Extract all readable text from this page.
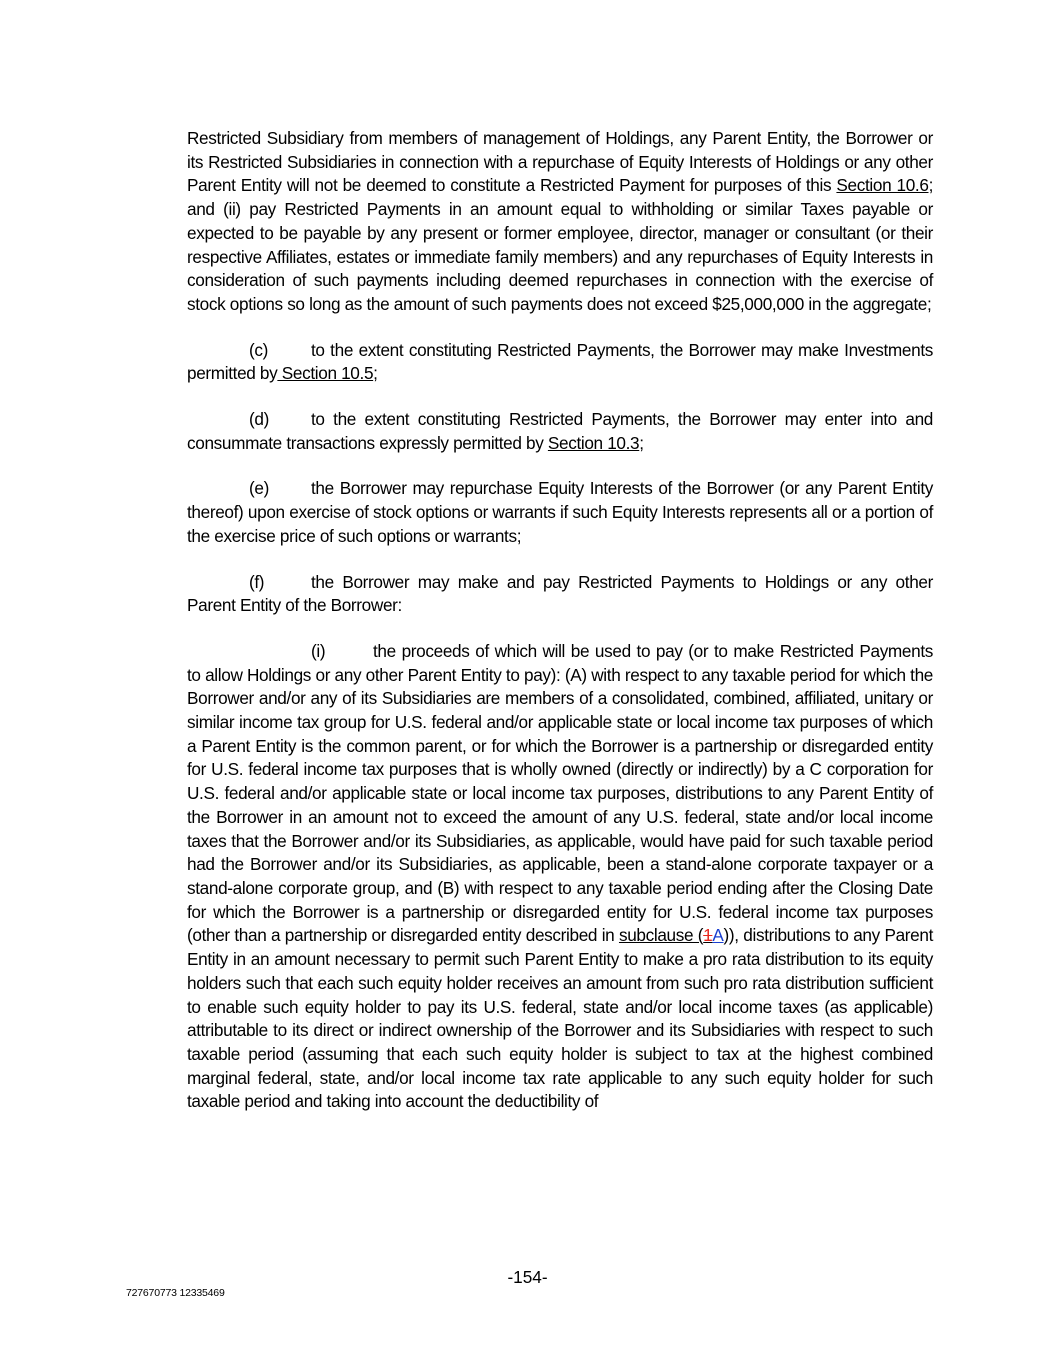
Restricted Subsidiary from members of management of Holdings, any Parent Entity, the Borrower or its Restricted Subsidiaries in connection with a repurchase of Equity Interests of Holdings or any other Parent Entity will not be deemed to constitute a Restricted Payment for purposes of this Section 10.6; and (ii) pay Restricted Payments in an amount equal to withholding or similar Taxes payable or expected to be payable by any present or former employee, director, manager or consultant (or their respective Affiliates, estates or immediate family members) and any repurchases of Equity Interests in consideration of such payments including deemed repurchases in connection with the exercise of stock options so long as the amount of such payments does not exceed $25,000,000 in the aggregate;

(c)	to the extent constituting Restricted Payments, the Borrower may make Investments permitted by Section 10.5;

(d) to the extent constituting Restricted Payments, the Borrower may enter into and consummate transactions expressly permitted by Section 10.3;

(e) the Borrower may repurchase Equity Interests of the Borrower (or any Parent Entity thereof) upon exercise of stock options or warrants if such Equity Interests represents all or a portion of the exercise price of such options or warrants;

(f)	the Borrower may make and pay Restricted Payments to Holdings or any other Parent Entity of the Borrower:

(i)	the proceeds of which will be used to pay (or to make Restricted Payments to allow Holdings or any other Parent Entity to pay): (A) with respect to any taxable period for which the Borrower and/or any of its Subsidiaries are members of a consolidated, combined, affiliated, unitary or similar income tax group for U.S. federal and/or applicable state or local income tax purposes of which a Parent Entity is the common parent, or for which the Borrower is a partnership or disregarded entity for U.S. federal income tax purposes that is wholly owned (directly or indirectly) by a C corporation for U.S. federal and/or applicable state or local income tax purposes, distributions to any Parent Entity of the Borrower in an amount not to exceed the amount of any U.S. federal, state and/or local income taxes that the Borrower and/or its Subsidiaries, as applicable, would have paid for such taxable period had the Borrower and/or its Subsidiaries, as applicable, been a stand-alone corporate taxpayer or a stand-alone corporate group, and (B) with respect to any taxable period ending after the Closing Date for which the Borrower is a partnership or disregarded entity for U.S. federal income tax purposes (other than a partnership or disregarded entity described in subclause (1A)), distributions to any Parent Entity in an amount necessary to permit such Parent Entity to make a pro rata distribution to its equity holders such that each such equity holder receives an amount from such pro rata distribution sufficient to enable such equity holder to pay its U.S. federal, state and/or local income taxes (as applicable) attributable to its direct or indirect ownership of the Borrower and its Subsidiaries with respect to such taxable period (assuming that each such equity holder is subject to tax at the highest combined marginal federal, state, and/or local income tax rate applicable to any such equity holder for such taxable period and taking into account the deductibility of

-154-
727670773 12335469
